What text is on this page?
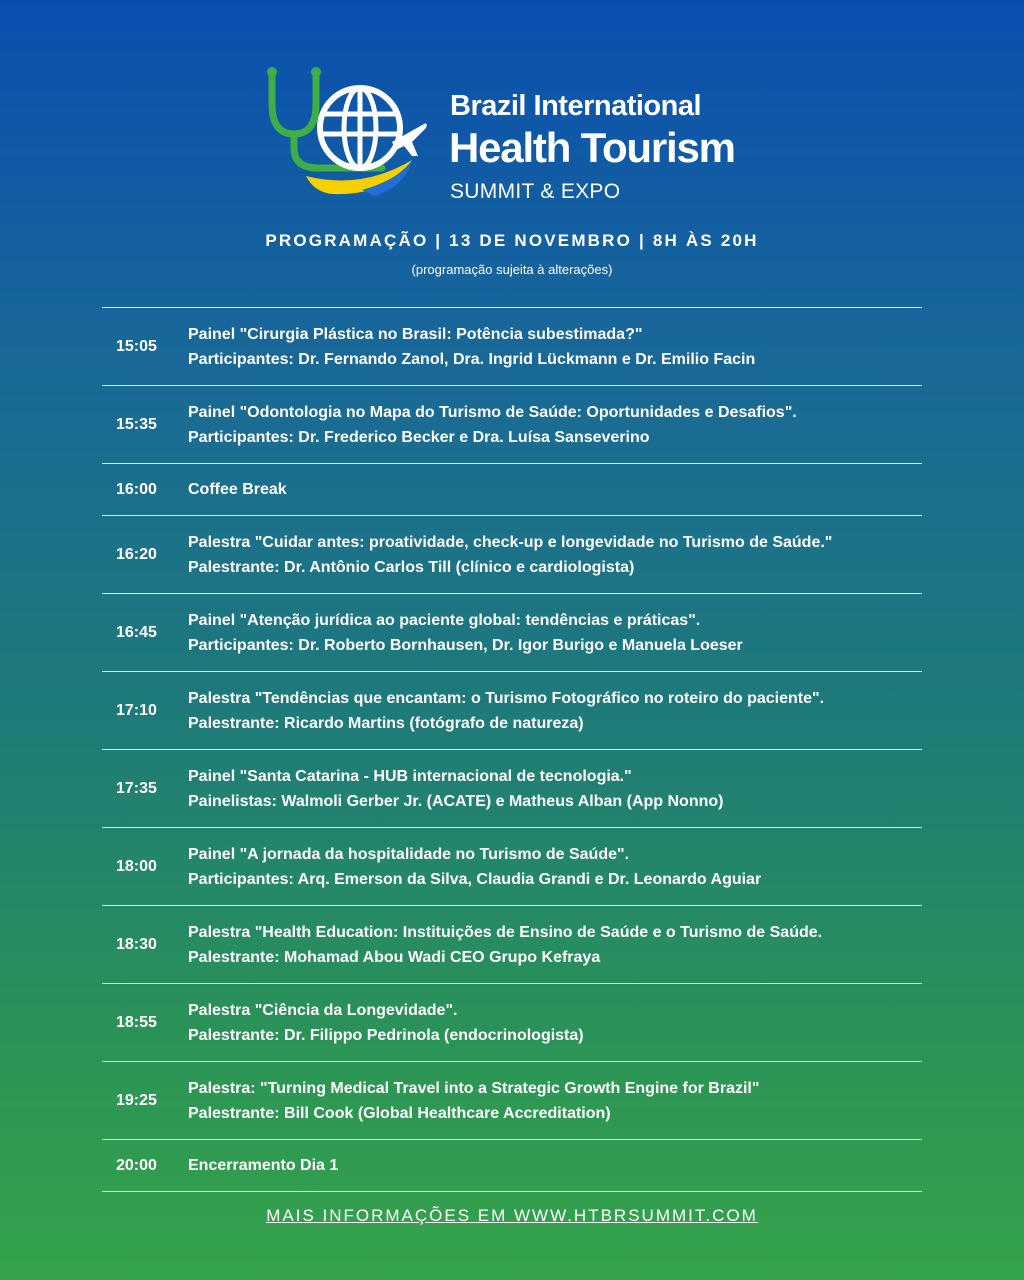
Brazil International
Health Tourism
SUMMIT & EXPO
PROGRAMAÇÃO | 13 DE NOVEMBRO | 8H ÀS 20H
(programação sujeita à alterações)
15:05
Painel "Cirurgia Plástica no Brasil: Potência subestimada?"
Participantes: Dr. Fernando Zanol, Dra. Ingrid Lückmann e Dr. Emilio Facin
15:35
Painel "Odontologia no Mapa do Turismo de Saúde: Oportunidades e Desafios".
Participantes: Dr. Frederico Becker e Dra. Luísa Sanseverino
16:00	Coffee Break
16:20
Palestra "Cuidar antes: proatividade, check-up e longevidade no Turismo de Saúde."
Palestrante: Dr. Antônio Carlos Till (clínico e cardiologista)
16:45
Painel "Atenção jurídica ao paciente global: tendências e práticas".
Participantes: Dr. Roberto Bornhausen, Dr. Igor Burigo e Manuela Loeser
17:10
Palestra "Tendências que encantam: o Turismo Fotográfico no roteiro do paciente".
Palestrante: Ricardo Martins (fotógrafo de natureza)
17:35
Painel "Santa Catarina - HUB internacional de tecnologia."
Painelistas: Walmoli Gerber Jr. (ACATE) e Matheus Alban (App Nonno)
18:00
Painel "A jornada da hospitalidade no Turismo de Saúde".
Participantes: Arq. Emerson da Silva, Claudia Grandi e Dr. Leonardo Aguiar
18:30
Palestra "Health Education: Instituições de Ensino de Saúde e o Turismo de Saúde.
Palestrante: Mohamad Abou Wadi CEO Grupo Kefraya
18:55
Palestra "Ciência da Longevidade".
Palestrante: Dr. Filippo Pedrinola (endocrinologista)
19:25
Palestra: "Turning Medical Travel into a Strategic Growth Engine for Brazil"
Palestrante: Bill Cook (Global Healthcare Accreditation)
20:00	Encerramento Dia 1
MAIS INFORMAÇÕES EM WWW.HTBRSUMMIT.COM
